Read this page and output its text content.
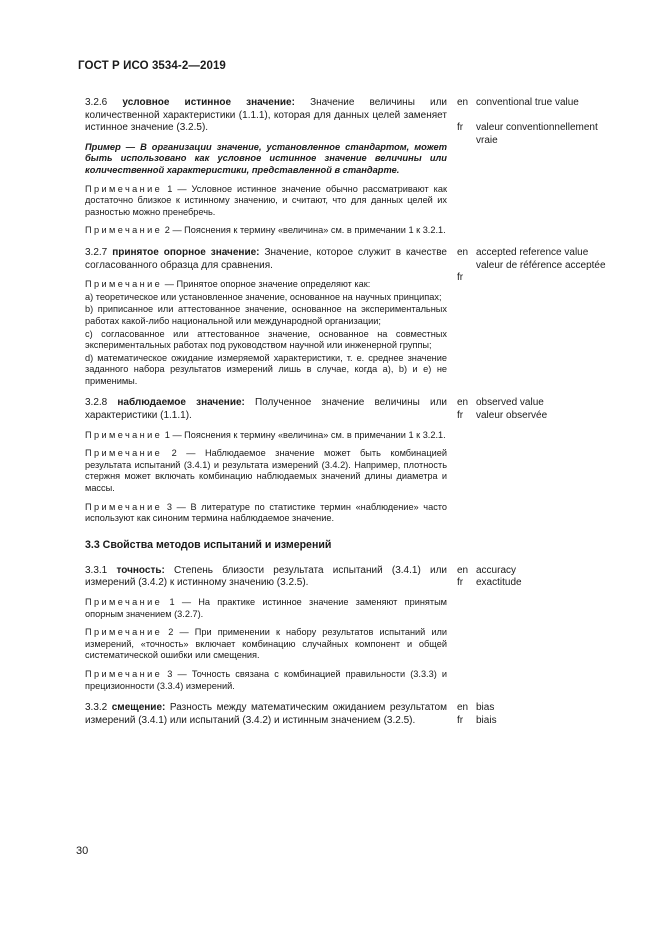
ГОСТ Р ИСО 3534-2—2019

3.2.6 условное истинное значение: Значение величины или количественной характеристики (1.1.1), которая для данных целей заменяет истинное значение (3.2.5).

Пример — В организации значение, установленное стандартом, может быть использовано как условное истинное значение величины или количественной характеристики, представленной в стандарте.

Примечание 1 — Условное истинное значение обычно рассматривают как достаточно близкое к истинному значению, и считают, что для данных целей их разностью можно пренебречь.

Примечание 2 — Пояснения к термину «величина» см. в примечании 1 к 3.2.1.

en
fr
conventional true value
valeur conventionnellement vraie

3.2.7 принятое опорное значение: Значение, которое служит в качестве согласованного образца для сравнения.

Примечание — Принятое опорное значение определяют как:

a) теоретическое или установленное значение, основанное на научных принципах;

b) приписанное или аттестованное значение, основанное на экспериментальных работах какой-либо национальной или международной организации;

c) согласованное или аттестованное значение, основанное на совместных экспериментальных работах под руководством научной или инженерной группы;

d) математическое ожидание измеряемой характеристики, т. е. среднее значение заданного набора результатов измерений лишь в случае, когда a), b) и e) не применимы.

en
fr
accepted reference value
valeur de référence acceptée

3.2.8 наблюдаемое значение: Полученное значение величины или характеристики (1.1.1).

Примечание 1 — Пояснения к термину «величина» см. в примечании 1 к 3.2.1.

Примечание 2 — Наблюдаемое значение может быть комбинацией результата испытаний (3.4.1) и результата измерений (3.4.2). Например, плотность стержня может включать комбинацию наблюдаемых значений длины диаметра и массы.

Примечание 3 — В литературе по статистике термин «наблюдение» часто используют как синоним термина наблюдаемое значение.

en
fr
observed value
valeur observée
3.3 Свойства методов испытаний и измерений

3.3.1 точность: Степень близости результата испытаний (3.4.1) или измерений (3.4.2) к истинному значению (3.2.5).

Примечание 1 — На практике истинное значение заменяют принятым опорным значением (3.2.7).

Примечание 2 — При применении к набору результатов испытаний или измерений, «точность» включает комбинацию случайных компонент и общей систематической ошибки или смещения.

Примечание 3 — Точность связана с комбинацией правильности (3.3.3) и прецизионности (3.3.4) измерений.

en
fr
accuracy
exactitude

3.3.2 смещение: Разность между математическим ожиданием результатом измерений (3.4.1) или испытаний (3.4.2) и истинным значением (3.2.5).

en
fr
bias
biais
30
